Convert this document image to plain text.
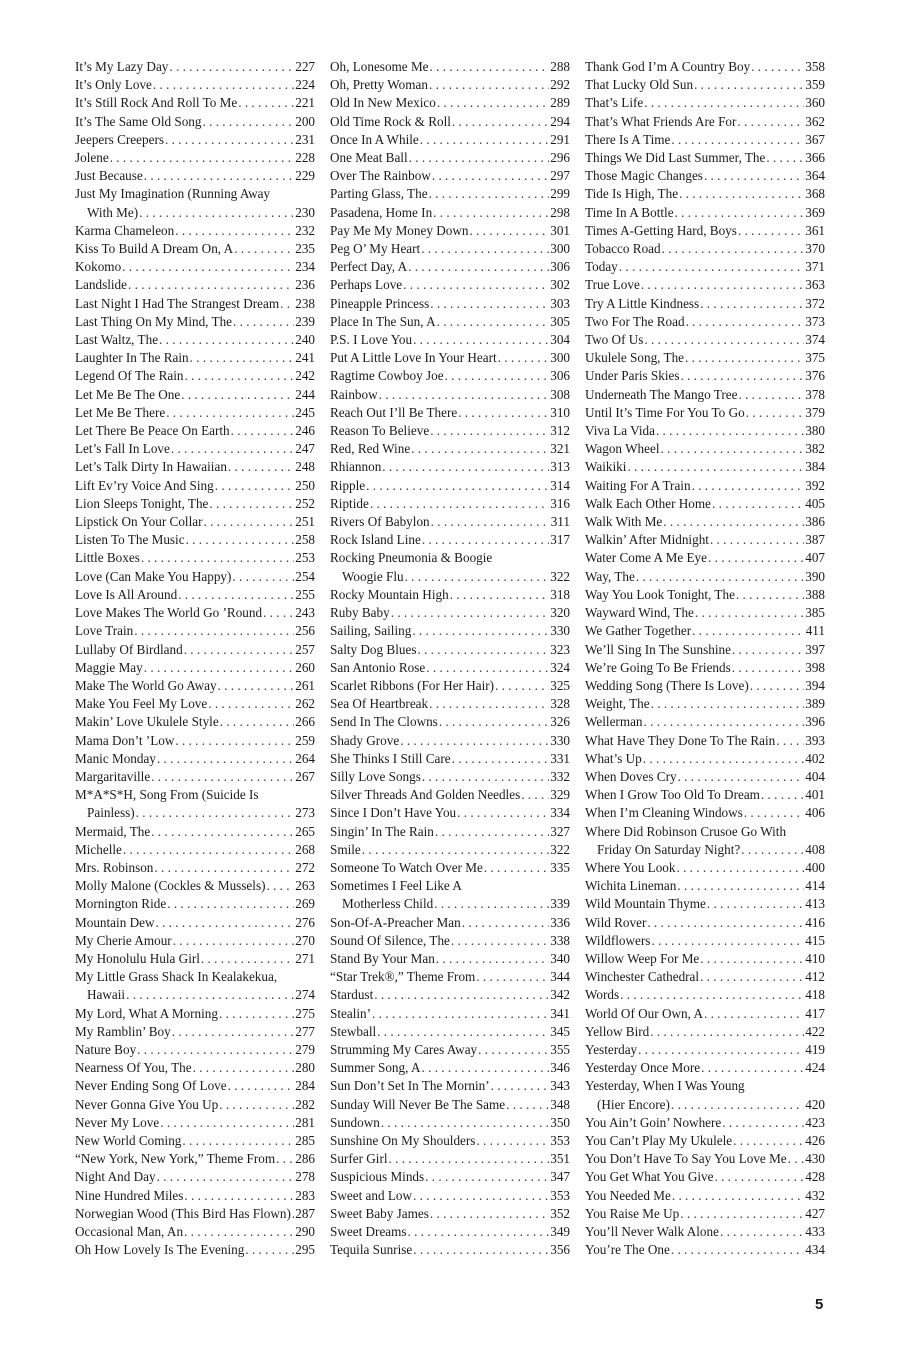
It’s My Lazy Day . . .	227
It’s Only Love . . .	224
It’s Still Rock And Roll To Me . . .	221
It’s The Same Old Song . . .	200
Jeepers Creepers . . .	231
Jolene . . .	228
Just Because . . .	229
Just My Imagination (Running Away
With Me) . . .	230
Karma Chameleon . . .	232
Kiss To Build A Dream On, A . . .	235
Kokomo . . .	234
Landslide . . .	236
Last Night I Had The Strangest Dream . . . 238
Last Thing On My Mind, The . . .	239
Last Waltz, The . . .	240
Laughter In The Rain . . .	241
Legend Of The Rain . . .	242
Let Me Be The One . . .	244
Let Me Be There . . .	245
Let There Be Peace On Earth . . .	246
Let’s Fall In Love . . .	247
Let’s Talk Dirty In Hawaiian . . .	248
Lift Ev’ry Voice And Sing . . .	250
Lion Sleeps Tonight, The . . .	252
Lipstick On Your Collar . . .	251
Listen To The Music . . .	258
Little Boxes . . .	253
Love (Can Make You Happy) . . .	254
Love Is All Around . . .	255
Love Makes The World Go ’Round . . .	243
Love Train . . .	256
Lullaby Of Birdland . . .	257
Maggie May . . .	260
Make The World Go Away . . .	261
Make You Feel My Love . . .	262
Makin’ Love Ukulele Style . . .	266
Mama Don’t ’Low . . .	259
Manic Monday . . .	264
Margaritaville . . .	267
M*A*S*H, Song From (Suicide Is
Painless) . . .	273
Mermaid, The . . .	265
Michelle . . .	268
Mrs. Robinson . . .	272
Molly Malone (Cockles & Mussels) . . . 263
Mornington Ride . . .	269
Mountain Dew . . .	276
My Cherie Amour . . .	270
My Honolulu Hula Girl . . .	271
My Little Grass Shack In Kealakekua,
Hawaii . . .	274
My Lord, What A Morning . . .	275
My Ramblin’ Boy . . .	277
Nature Boy . . .	279
Nearness Of You, The . . .	280
Never Ending Song Of Love . . .	284
Never Gonna Give You Up . . .	282
Never My Love . . .	281
New World Coming . . .	285
“New York, New York,” Theme From . . . 286
Night And Day . . .	278
Nine Hundred Miles . . .	283
Norwegian Wood (This Bird Has Flown) . . . 287
Occasional Man, An . . .	290
Oh How Lovely Is The Evening . . .	295
Oh, Lonesome Me . . .	288
Oh, Pretty Woman . . .	292
Old In New Mexico . . .	289
Old Time Rock & Roll . . .	294
Once In A While . . .	291
One Meat Ball . . .	296
Over The Rainbow . . .	297
Parting Glass, The . . .	299
Pasadena, Home In . . .	298
Pay Me My Money Down . . .	301
Peg O’ My Heart . . .	300
Perfect Day, A . . .	306
Perhaps Love . . .	302
Pineapple Princess . . .	303
Place In The Sun, A . . .	305
P.S. I Love You . . .	304
Put A Little Love In Your Heart . . .	300
Ragtime Cowboy Joe . . .	306
Rainbow . . .	308
Reach Out I’ll Be There . . .	310
Reason To Believe . . .	312
Red, Red Wine . . .	321
Rhiannon . . .	313
Ripple . . .	314
Riptide . . .	316
Rivers Of Babylon . . .	311
Rock Island Line . . .	317
Rocking Pneumonia & Boogie
Woogie Flu . . .	322
Rocky Mountain High . . .	318
Ruby Baby . . .	320
Sailing, Sailing . . .	330
Salty Dog Blues . . .	323
San Antonio Rose . . .	324
Scarlet Ribbons (For Her Hair) . . .	325
Sea Of Heartbreak . . .	328
Send In The Clowns . . .	326
Shady Grove . . .	330
She Thinks I Still Care . . .	331
Silly Love Songs . . .	332
Silver Threads And Golden Needles . . . 329
Since I Don’t Have You . . .	334
Singin’ In The Rain . . .	327
Smile . . .	322
Someone To Watch Over Me . . .	335
Sometimes I Feel Like A
Motherless Child . . .	339
Son-Of-A-Preacher Man . . .	336
Sound Of Silence, The . . .	338
Stand By Your Man . . .	340
“Star Trek®,” Theme From . . .	344
Stardust . . .	342
Stealin’ . . .	341
Stewball . . .	345
Strumming My Cares Away . . .	355
Summer Song, A . . .	346
Sun Don’t Set In The Mornin’ . . .	343
Sunday Will Never Be The Same . . .	348
Sundown . . .	350
Sunshine On My Shoulders . . .	353
Surfer Girl . . .	351
Suspicious Minds . . .	347
Sweet and Low . . .	353
Sweet Baby James . . .	352
Sweet Dreams . . .	349
Tequila Sunrise . . .	356
Thank God I’m A Country Boy . . .	358
That Lucky Old Sun . . .	359
That’s Life . . .	360
That’s What Friends Are For . . .	362
There Is A Time . . .	367
Things We Did Last Summer, The . . .	366
Those Magic Changes . . .	364
Tide Is High, The . . .	368
Time In A Bottle . . .	369
Times A-Getting Hard, Boys . . .	361
Tobacco Road . . .	370
Today . . .	371
True Love . . .	363
Try A Little Kindness . . .	372
Two For The Road . . .	373
Two Of Us . . .	374
Ukulele Song, The . . .	375
Under Paris Skies . . .	376
Underneath The Mango Tree . . .	378
Until It’s Time For You To Go . . .	379
Viva La Vida . . .	380
Wagon Wheel . . .	382
Waikiki . . .	384
Waiting For A Train . . .	392
Walk Each Other Home . . .	405
Walk With Me . . .	386
Walkin’ After Midnight . . .	387
Water Come A Me Eye . . .	407
Way, The . . .	390
Way You Look Tonight, The . . .	388
Wayward Wind, The . . .	385
We Gather Together . . .	411
We’ll Sing In The Sunshine . . .	397
We’re Going To Be Friends . . .	398
Wedding Song (There Is Love) . . .	394
Weight, The . . .	389
Wellerman . . .	396
What Have They Done To The Rain . . . 393
What’s Up . . .	402
When Doves Cry . . .	404
When I Grow Too Old To Dream . . .	401
When I’m Cleaning Windows . . .	406
Where Did Robinson Crusoe Go With
Friday On Saturday Night? . . .	408
Where You Look . . .	400
Wichita Lineman . . .	414
Wild Mountain Thyme . . .	413
Wild Rover . . .	416
Wildflowers . . .	415
Willow Weep For Me . . .	410
Winchester Cathedral . . .	412
Words . . .	418
World Of Our Own, A . . .	417
Yellow Bird . . .	422
Yesterday . . .	419
Yesterday Once More . . .	424
Yesterday, When I Was Young
(Hier Encore) . . .	420
You Ain’t Goin’ Nowhere . . .	423
You Can’t Play My Ukulele . . .	426
You Don’t Have To Say You Love Me . . . 430
You Get What You Give . . .	428
You Needed Me . . .	432
You Raise Me Up . . .	427
You’ll Never Walk Alone . . .	433
You’re The One . . .	434
5
